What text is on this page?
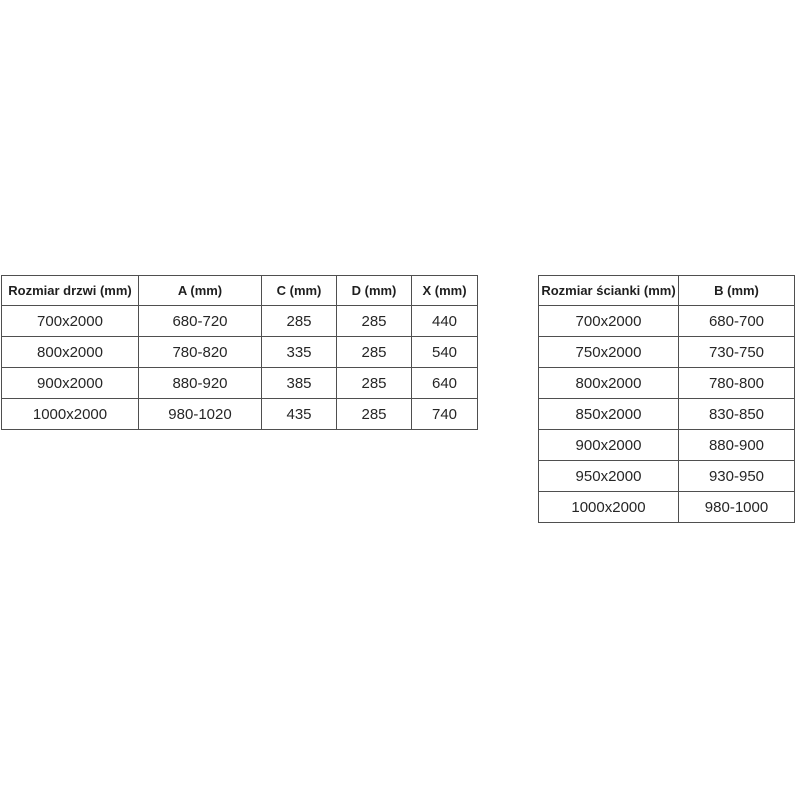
Rozmiar drzwi (mm)	A (mm)	C (mm)	D (mm)	X (mm)
700x2000	680-720	285	285	440
800x2000	780-820	335	285	540
900x2000	880-920	385	285	640
1000x2000	980-1020	435	285	740
Rozmiar ścianki (mm)	B (mm)
700x2000	680-700
750x2000	730-750
800x2000	780-800
850x2000	830-850
900x2000	880-900
950x2000	930-950
1000x2000	980-1000
